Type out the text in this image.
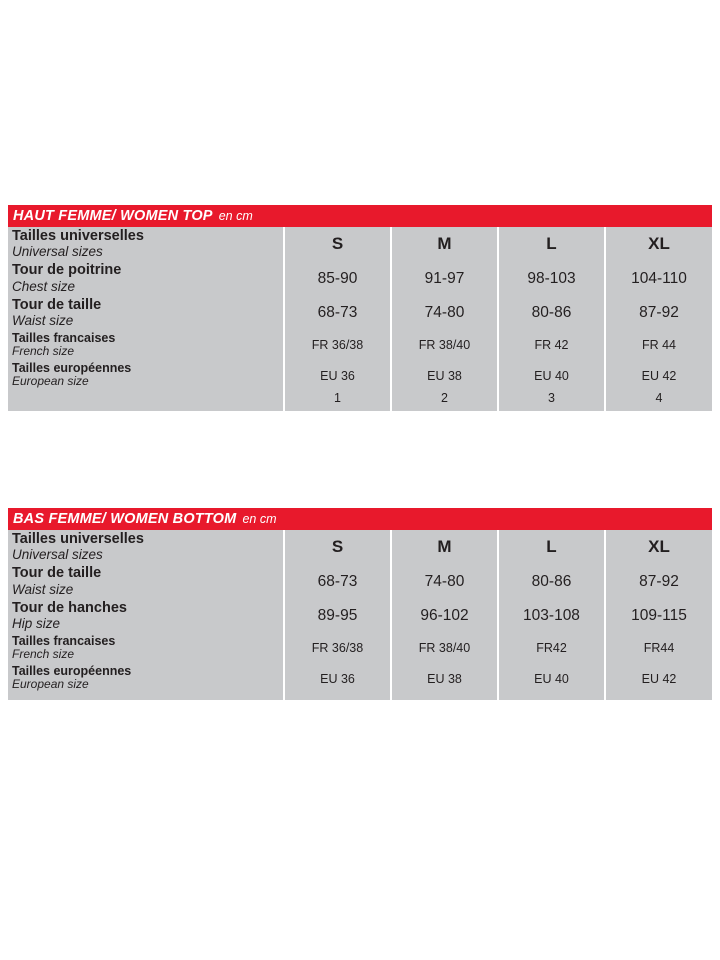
HAUT FEMME/ WOMEN TOP en cm
Tailles universelles
Universal sizes	S	M	L	XL

Tour de poitrine
Chest size	85-90	91-97	98-103	104-110

Tour de taille
Waist size	68-73	74-80	80-86	87-92

Tailles francaises
French size	FR 36/38	FR 38/40	FR 42	FR 44

Tailles européennes
European size	EU 36	EU 38	EU 40	EU 42

	1	2	3	4

BAS FEMME/ WOMEN BOTTOM en cm
Tailles universelles
Universal sizes	S	M	L	XL

Tour de taille
Waist size	68-73	74-80	80-86	87-92

Tour de hanches
Hip size	89-95	96-102	103-108	109-115

Tailles francaises
French size	FR 36/38	FR 38/40	FR42	FR44

Tailles européennes
European size	EU 36	EU 38	EU 40	EU 42
